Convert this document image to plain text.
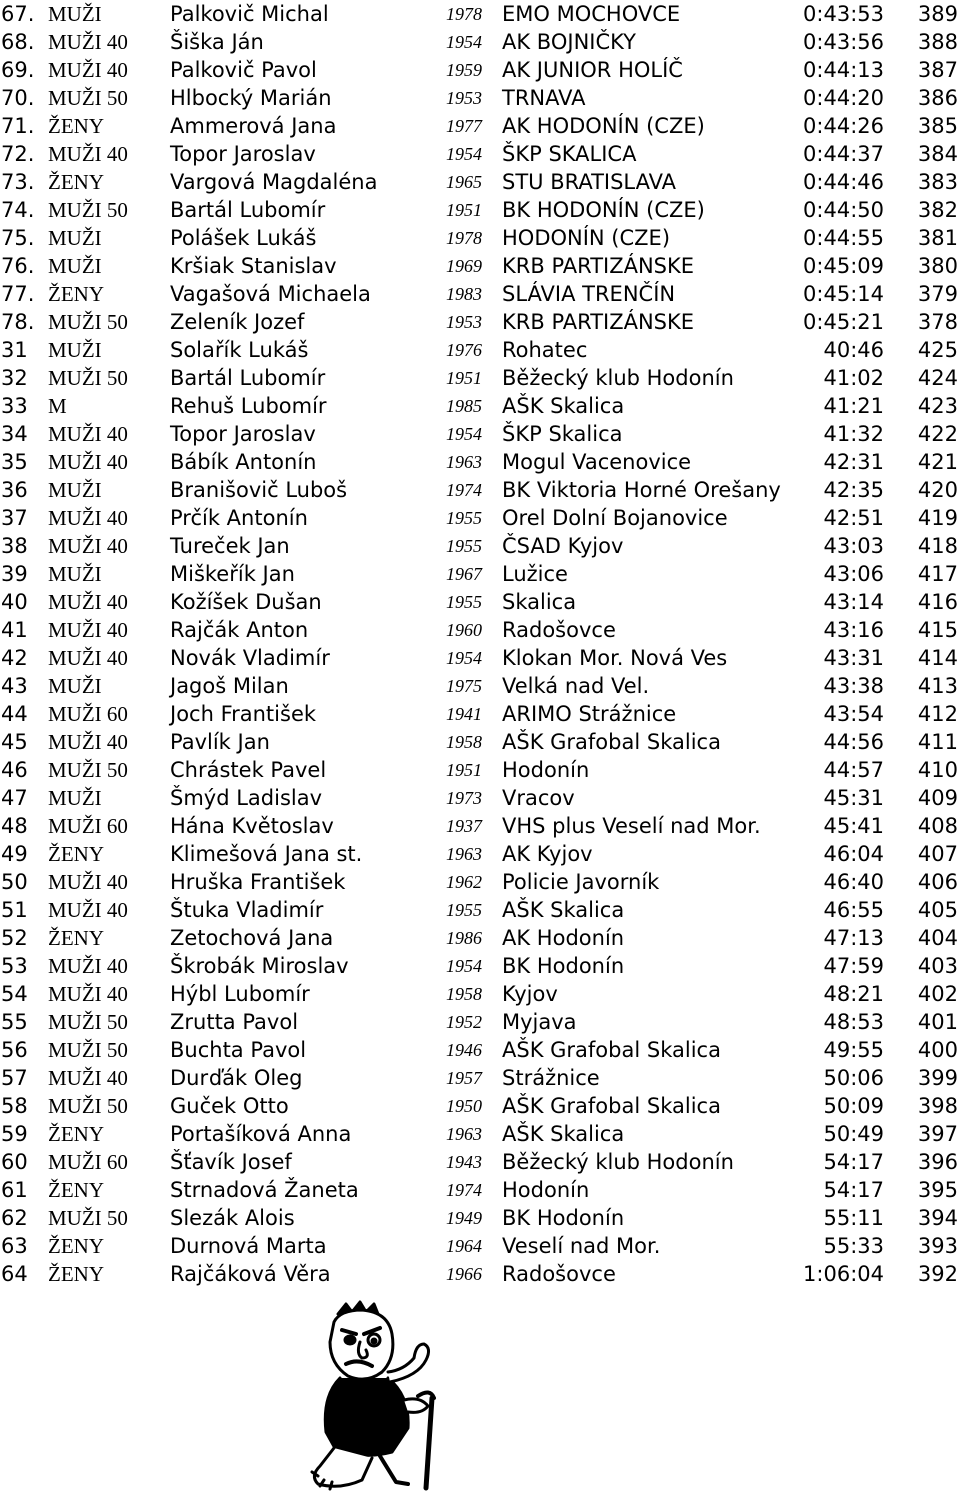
67. MUŽI	Palkovič Michal	1978 EMO MOCHOVCE	0:43:53	389
68. MUŽI 40	Šiška Ján	1954 AK BOJNIČKY	0:43:56	388
69. MUŽI 40	Palkovič Pavol	1959 AK JUNIOR HOLÍČ	0:44:13	387
70. MUŽI 50	Hlbocký Marián	1953 TRNAVA	0:44:20	386
71. ŽENY	Ammerová Jana	1977 AK HODONÍN (CZE)	0:44:26	385
72. MUŽI 40	Topor Jaroslav	1954 ŠKP SKALICA	0:44:37	384
73. ŽENY	Vargová Magdaléna	1965 STU BRATISLAVA	0:44:46	383
74. MUŽI 50	Bartál Lubomír	1951 BK HODONÍN (CZE)	0:44:50	382
75. MUŽI	Polášek Lukáš	1978 HODONÍN (CZE)	0:44:55	381
76. MUŽI	Kršiak Stanislav	1969 KRB PARTIZÁNSKE	0:45:09	380
77. ŽENY	Vagašová Michaela	1983 SLÁVIA TRENČÍN	0:45:14	379
78. MUŽI 50	Zeleník Jozef	1953 KRB PARTIZÁNSKE	0:45:21	378
31 MUŽI	Solařík Lukáš	1976 Rohatec	40:46	425
32 MUŽI 50	Bartál Lubomír	1951 Běžecký klub Hodonín	41:02	424
33 M	Rehuš Lubomír	1985 AŠK Skalica	41:21	423
34 MUŽI 40	Topor Jaroslav	1954 ŠKP Skalica	41:32	422
35 MUŽI 40	Bábík Antonín	1963 Mogul Vacenovice	42:31	421
36 MUŽI	Branišovič Luboš	1974 BK Viktoria Horné Orešany	42:35	420
37 MUŽI 40	Prčík Antonín	1955 Orel Dolní Bojanovice	42:51	419
38 MUŽI 40	Tureček Jan	1955 ČSAD Kyjov	43:03	418
39 MUŽI	Miškeřík Jan	1967 Lužice	43:06	417
40 MUŽI 40	Kožíšek Dušan	1955 Skalica	43:14	416
41 MUŽI 40	Rajčák Anton	1960 Radošovce	43:16	415
42 MUŽI 40	Novák Vladimír	1954 Klokan Mor. Nová Ves	43:31	414
43 MUŽI	Jagoš Milan	1975 Velká nad Vel.	43:38	413
44 MUŽI 60	Joch František	1941 ARIMO Strážnice	43:54	412
45 MUŽI 40	Pavlík Jan	1958 AŠK Grafobal Skalica	44:56	411
46 MUŽI 50	Chrástek Pavel	1951 Hodonín	44:57	410
47 MUŽI	Šmýd Ladislav	1973 Vracov	45:31	409
48 MUŽI 60	Hána Květoslav	1937 VHS plus Veselí nad Mor.	45:41	408
49 ŽENY	Klimešová Jana st.	1963 AK Kyjov	46:04	407
50 MUŽI 40	Hruška František	1962 Policie Javorník	46:40	406
51 MUŽI 40	Štuka Vladimír	1955 AŠK Skalica	46:55	405
52 ŽENY	Zetochová Jana	1986 AK Hodonín	47:13	404
53 MUŽI 40	Škrobák Miroslav	1954 BK Hodonín	47:59	403
54 MUŽI 40	Hýbl Lubomír	1958 Kyjov	48:21	402
55 MUŽI 50	Zrutta Pavol	1952 Myjava	48:53	401
56 MUŽI 50	Buchta Pavol	1946 AŠK Grafobal Skalica	49:55	400
57 MUŽI 40	Durďák Oleg	1957 Strážnice	50:06	399
58 MUŽI 50	Guček Otto	1950 AŠK Grafobal Skalica	50:09	398
59 ŽENY	Portašíková Anna	1963 AŠK Skalica	50:49	397
60 MUŽI 60	Šťavík Josef	1943 Běžecký klub Hodonín	54:17	396
61 ŽENY	Strnadová Žaneta	1974 Hodonín	54:17	395
62 MUŽI 50	Slezák Alois	1949 BK Hodonín	55:11	394
63 ŽENY	Durnová Marta	1964 Veselí nad Mor.	55:33	393
64 ŽENY	Rajčáková Věra	1966 Radošovce	1:06:04	392
